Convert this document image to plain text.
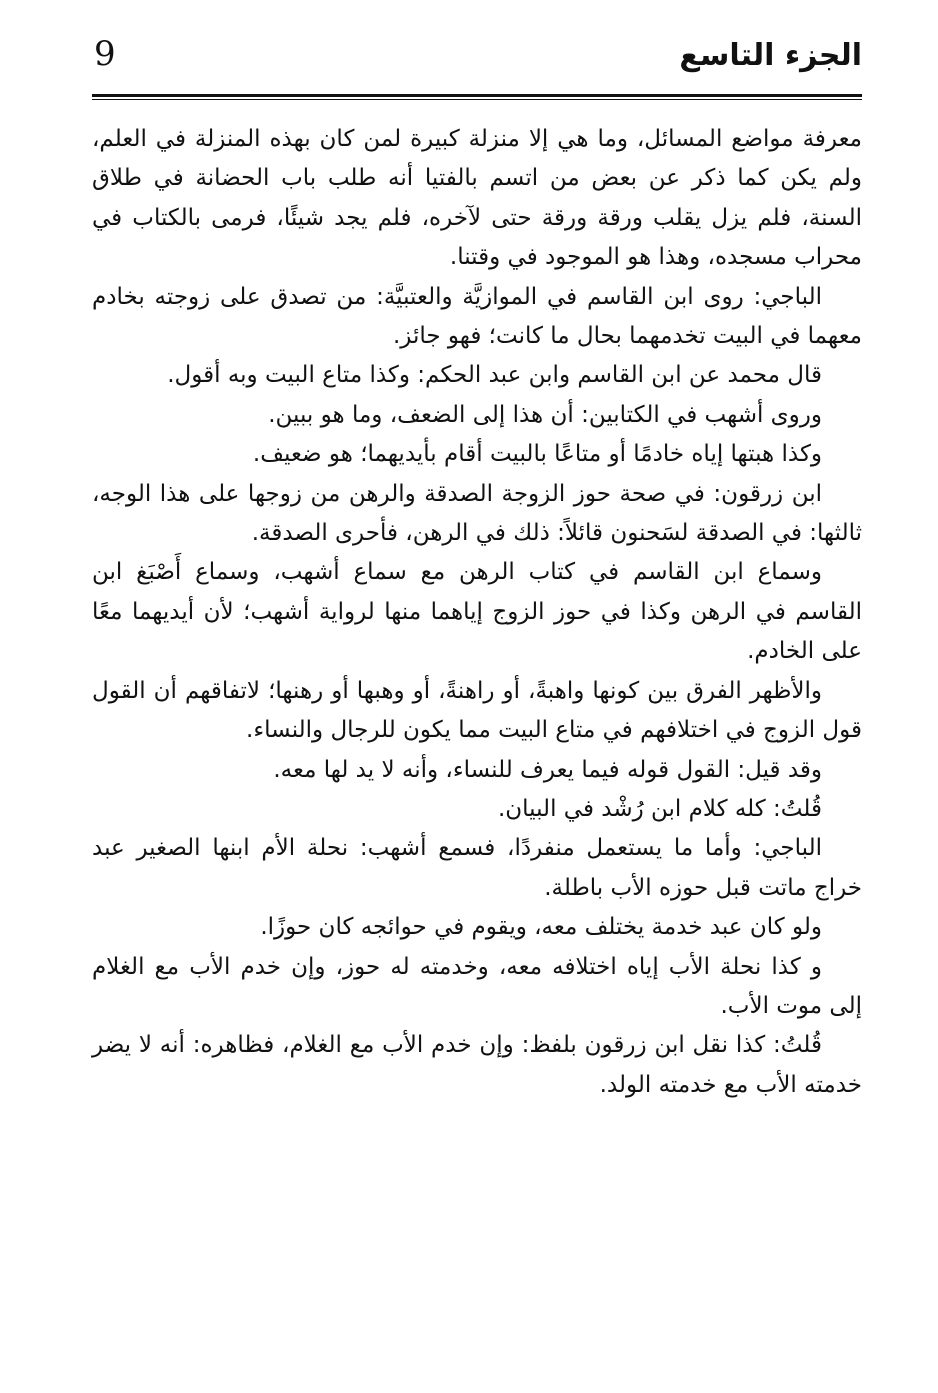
9	الجزء التاسع

معرفة مواضع المسائل، وما هي إلا منزلة كبيرة لمن كان بهذه المنزلة في العلم، ولم يكن كما ذكر عن بعض من اتسم بالفتيا أنه طلب باب الحضانة في طلاق السنة، فلم يزل يقلب ورقة ورقة حتى لآخره، فلم يجد شيئًا، فرمى بالكتاب في محراب مسجده، وهذا هو الموجود في وقتنا.

الباجي: روى ابن القاسم في الموازيَّة والعتبيَّة: من تصدق على زوجته بخادم معهما في البيت تخدمهما بحال ما كانت؛ فهو جائز.

قال محمد عن ابن القاسم وابن عبد الحكم: وكذا متاع البيت وبه أقول.

وروى أشهب في الكتابين: أن هذا إلى الضعف، وما هو ببين.

وكذا هبتها إياه خادمًا أو متاعًا بالبيت أقام بأيديهما؛ هو ضعيف.

ابن زرقون: في صحة حوز الزوجة الصدقة والرهن من زوجها على هذا الوجه، ثالثها: في الصدقة لسَحنون قائلاً: ذلك في الرهن، فأحرى الصدقة.

وسماع ابن القاسم في كتاب الرهن مع سماع أشهب، وسماع أَصْبَغ ابن القاسم في الرهن وكذا في حوز الزوج إياهما منها لرواية أشهب؛ لأن أيديهما معًا على الخادم.

والأظهر الفرق بين كونها واهبةً، أو راهنةً، أو وهبها أو رهنها؛ لاتفاقهم أن القول قول الزوج في اختلافهم في متاع البيت مما يكون للرجال والنساء.

وقد قيل: القول قوله فيما يعرف للنساء، وأنه لا يد لها معه.

قُلتُ: كله كلام ابن رُشْد في البيان.

الباجي: وأما ما يستعمل منفردًا، فسمع أشهب: نحلة الأم ابنها الصغير عبد خراج ماتت قبل حوزه الأب باطلة.

ولو كان عبد خدمة يختلف معه، ويقوم في حوائجه كان حوزًا.

و كذا نحلة الأب إياه اختلافه معه، وخدمته له حوز، وإن خدم الأب مع الغلام إلى موت الأب.

قُلتُ: كذا نقل ابن زرقون بلفظ: وإن خدم الأب مع الغلام، فظاهره: أنه لا يضر خدمته الأب مع خدمته الولد.
